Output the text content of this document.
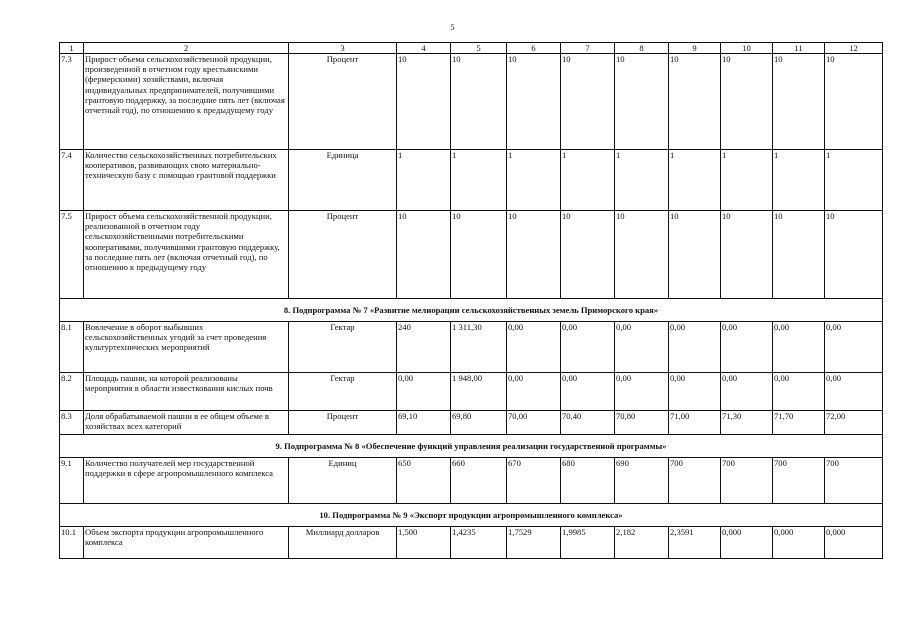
5
1	2	3	4	5	6	7	8	9	10	11	12
7.3	Прирост объема сельскохозяйственной продукции, произведенной в отчетном году крестьянскими (фермерскими) хозяйствами, включая индивидуальных предпринимателей, получившими грантовую поддержку, за последние пять лет (включая отчетный год), по отношению к предыдущему году	Процент	10	10	10	10	10	10	10	10	10
7.4	Количество сельскохозяйственных потребительских кооперативов, развивающих свою материально-техническую базу с помощью грантовой поддержки	Единица	1	1	1	1	1	1	1	1	1
7.5	Прирост объема сельскохозяйственной продукции, реализованной в отчетном году сельскохозяйственными потребительскими кооперативами, получившими грантовую поддержку, за последние пять лет (включая отчетный год), по отношению к предыдущему году	Процент	10	10	10	10	10	10	10	10	10
8. Подпрограмма № 7 «Развитие мелиорации сельскохозяйственных земель Приморского края»											
8.1	Вовлечение в оборот выбывших сельскохозяйственных угодий за счет проведения культуртехнических мероприятий	Гектар	240	1 311,30	0,00	0,00	0,00	0,00	0,00	0,00	0,00
8.2	Площадь пашни, на которой реализованы мероприятия в области известкования кислых почв	Гектар	0,00	1 948,00	0,00	0,00	0,00	0,00	0,00	0,00	0,00
8.3	Доля обрабатываемой пашни в ее общем объеме в хозяйствах всех категорий	Процент	69,10	69,80	70,00	70,40	70,80	71,00	71,30	71,70	72,00
9. Подпрограмма № 8 «Обеспечение функций управления реализации государственной программы»											
9.1	Количество получателей мер государственной поддержки в сфере агропромышленного комплекса	Единиц	650	660	670	680	690	700	700	700	700
10. Подпрограмма № 9 «Экспорт продукции агропромышленного комплекса»											
10.1	Объем экспорта продукции агропромышленного комплекса	Миллиард долларов	1,500	1,4235	1,7529	1,9985	2,182	2,3591	0,000	0,000	0,000
